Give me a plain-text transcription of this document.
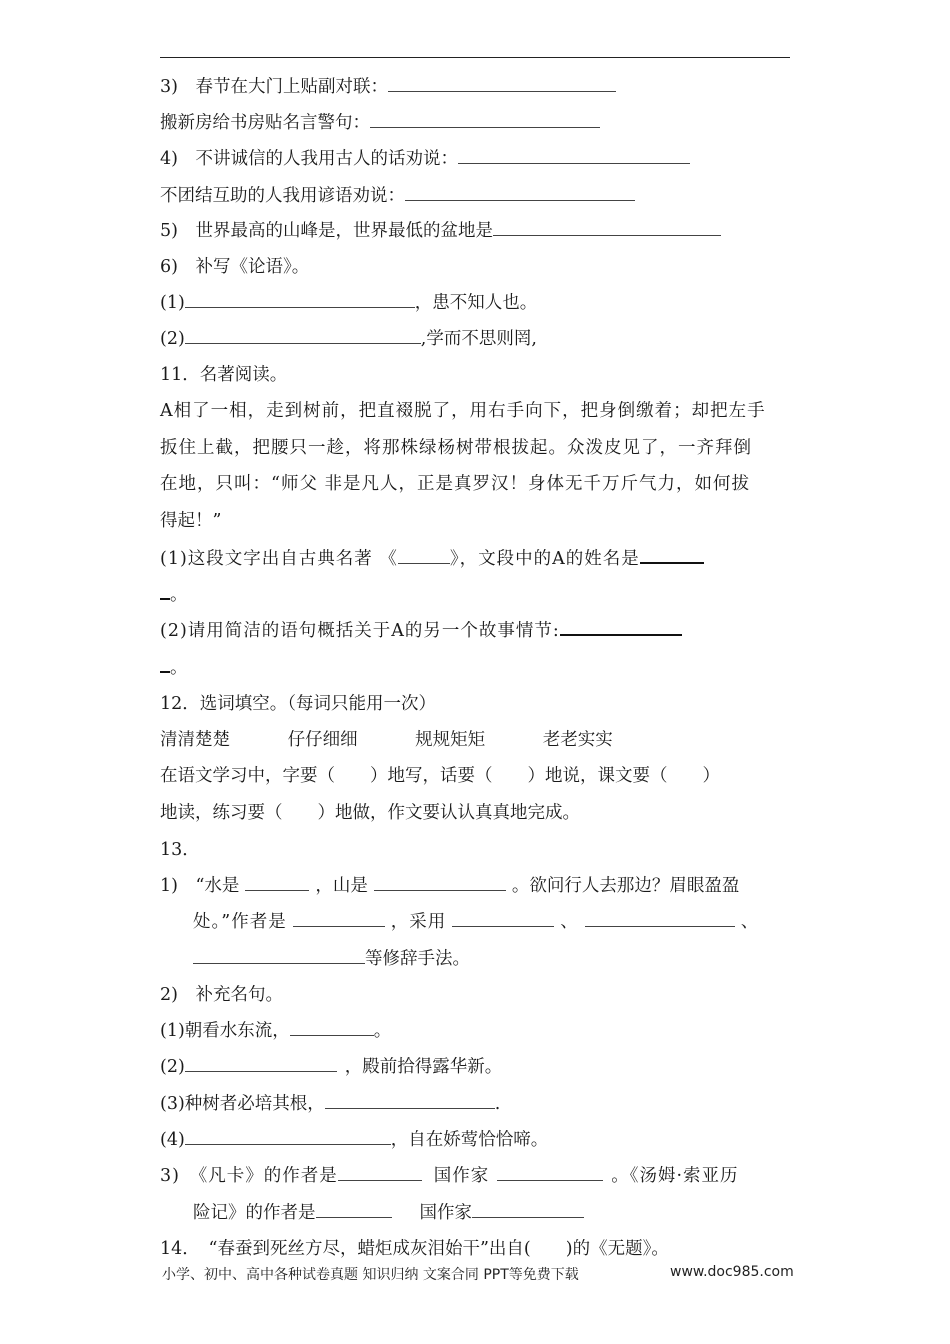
3)　春节在大门上贴副对联：
搬新房给书房贴名言警句：
4)　不讲诚信的人我用古人的话劝说：
不团结互助的人我用谚语劝说：
5)　世界最高的山峰是，世界最低的盆地是
6)　补写《论语》。
(1)	，患不知人也。
(2)	,学而不思则罔,
11．名著阅读。
A相了一相，走到树前，把直裰脱了，用右手向下，把身倒缴着；却把左手
扳住上截，把腰只一趁，将那株绿杨树带根拔起。众泼皮见了，一齐拜倒
在地，只叫：“师父 非是凡人，正是真罗汉！身体无千万斤气力，如何拔
得起！”
(1)这段文字出自古典名著 《	》，文段中的A的姓名是
。
(2)请用简洁的语句概括关于A的另一个故事情节:
。
12．选词填空。（每词只能用一次）
清清楚楚	仔仔细细	规规矩矩	老老实实
在语文学习中，字要（　　）地写，话要（　　）地说，课文要（　　）
地读，练习要（　　）地做，作文要认认真真地完成。
13．
1)　“水是	，山是	。欲问行人去那边？眉眼盈盈
处。”作者是	，采用	、	、
等修辞手法。
2)　补充名句。
(1)朝看水东流，	。
(2)	，殿前拾得露华新。
(3)种树者必培其根，	.
(4)	，自在娇莺恰恰啼。
3)　《凡卡》的作者是	国作家	。《汤姆·索亚历
险记》的作者是	国作家
14．　“春蚕到死丝方尽，蜡炬成灰泪始干”出自(　　)的《无题》。
小学、初中、高中各种试卷真题 知识归纳 文案合同 PPT等免费下载	www.doc985.com
